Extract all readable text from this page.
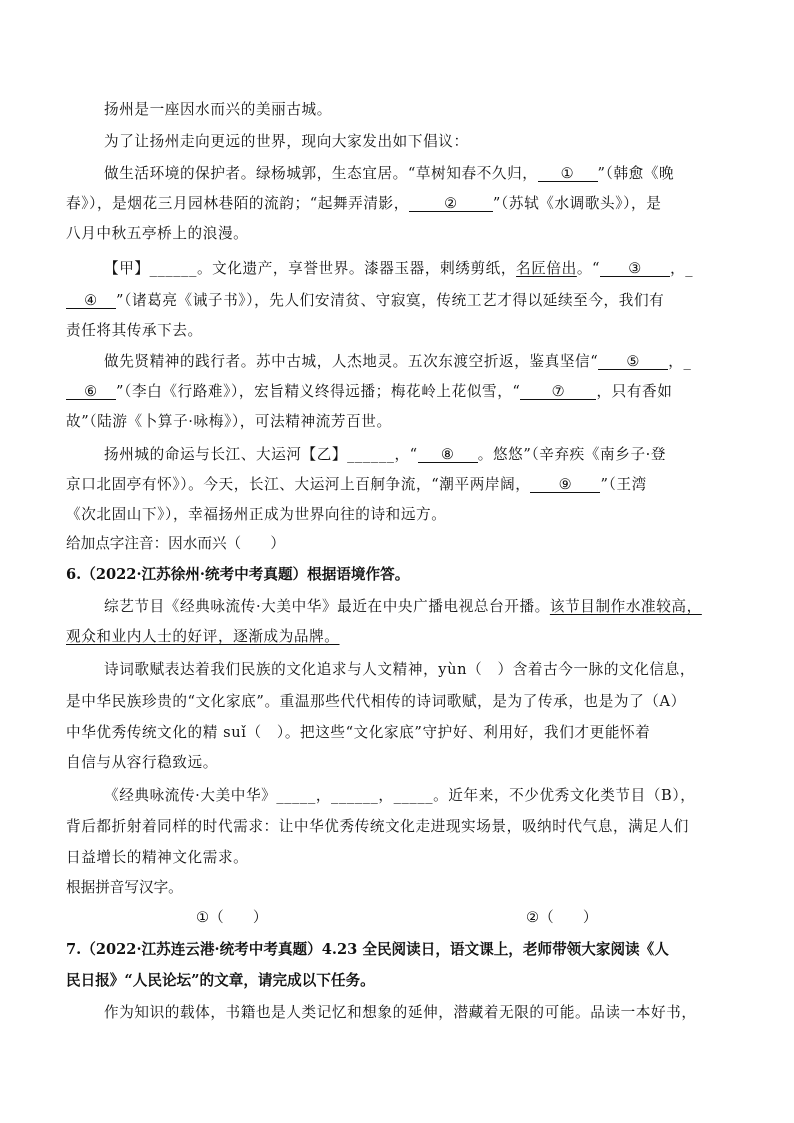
扬州是一座因水而兴的美丽古城。
为了让扬州走向更远的世界，现向大家发出如下倡议：
做生活环境的保护者。绿杨城郭，生态宜居。“草树知春不久归， ① ”（韩愈《晚
春》），是烟花三月园林巷陌的流韵；“起舞弄清影， ② ”（苏轼《水调歌头》），是
八月中秋五亭桥上的浪漫。
【甲】______。文化遗产，享誉世界。漆器玉器，剌绣剪纸，名匠倍出。“ ③ ，_
④ ”（诸葛亮《诫子书》），先人们安清贫、守寂寞，传统工艺才得以延续至今，我们有
责任将其传承下去。
做先贤精神的践行者。苏中古城，人杰地灵。五次东渡空折返，鉴真坚信“ ⑤ ，_
⑥ ”（李白《行路难》），宏旨精义终得远播；梅花岭上花似雪，“ ⑦ ，只有香如
故”（陆游《卜算子·咏梅》），可法精神流芳百世。
扬州城的命运与长江、大运河【乙】______，“ ⑧ 。悠悠”（辛弃疾《南乡子·登
京口北固亭有怀》）。今天，长江、大运河上百舸争流，“潮平两岸阔， ⑨ ”（王湾
《次北固山下》），幸福扬州正成为世界向往的诗和远方。
给加点字注音：因水而兴（　　）
6.（2022·江苏徐州·统考中考真题）根据语境作答。
综艺节目《经典咏流传·大美中华》最近在中央广播电视总台开播。该节目制作水准较高，
观众和业内人士的好评，逐渐成为品牌。
诗词歌赋表达着我们民族的文化追求与人文精神，yùn（　）含着古今一脉的文化信息，
是中华民族珍贵的“文化家底”。重温那些代代相传的诗词歌赋，是为了传承，也是为了（A）
中华优秀传统文化的精 suǐ（　）。把这些“文化家底”守护好、利用好，我们才更能怀着
自信与从容行稳致远。
《经典咏流传·大美中华》_____，______，_____。近年来，不少优秀文化类节目（B），
背后都折射着同样的时代需求：让中华优秀传统文化走进现实场景，吸纳时代气息，满足人们
日益增长的精神文化需求。
根据拼音写汉字。
①（　　）	②（　　）
7.（2022·江苏连云港·统考中考真题）4.23 全民阅读日，语文课上，老师带领大家阅读《人
民日报》“人民论坛”的文章，请完成以下任务。
作为知识的载体，书籍也是人类记忆和想象的延伸，潜藏着无限的可能。品读一本好书，
